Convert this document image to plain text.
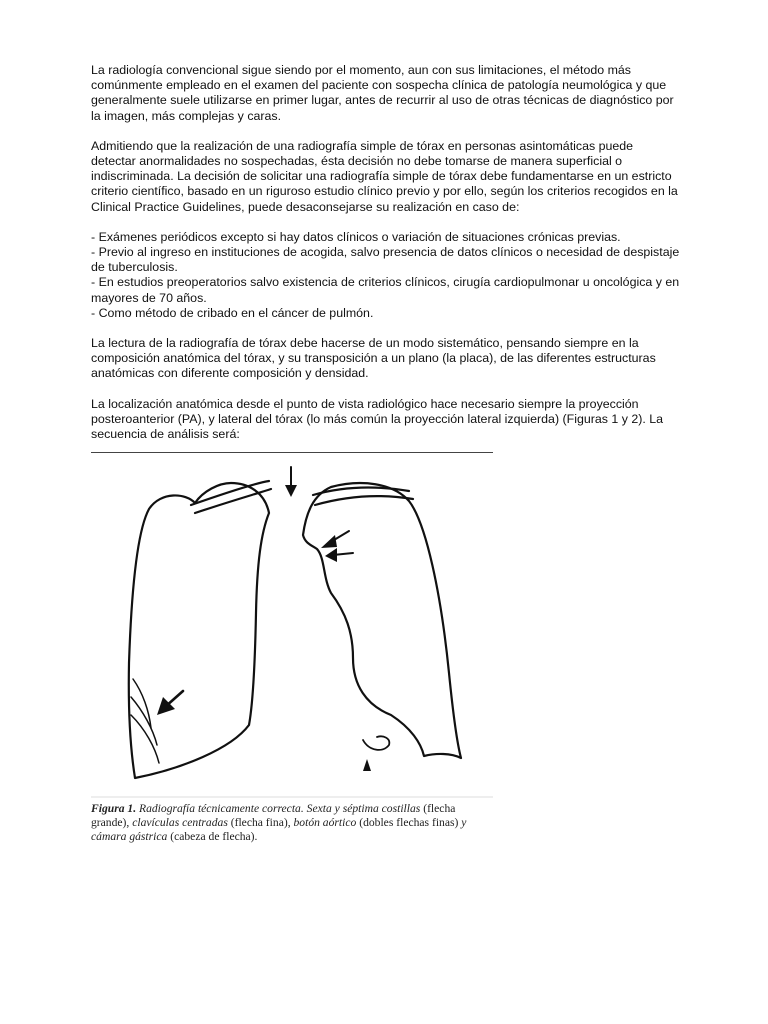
La radiología convencional sigue siendo por el momento, aun con sus limitaciones, el método más comúnmente empleado en el examen del paciente con sospecha clínica de patología neumológica y que generalmente suele utilizarse en primer lugar, antes de recurrir al uso de otras técnicas de diagnóstico por la imagen, más complejas y caras.

Admitiendo que la realización de una radiografía simple de tórax en personas asintomáticas puede detectar anormalidades no sospechadas, ésta decisión no debe tomarse de manera superficial o indiscriminada. La decisión de solicitar una radiografía simple de tórax debe fundamentarse en un estricto criterio científico, basado en un riguroso estudio clínico previo y por ello, según los criterios recogidos en la Clinical Practice Guidelines, puede desaconsejarse su realización en caso de:

- Exámenes periódicos excepto si hay datos clínicos o variación de situaciones crónicas previas.
- Previo al ingreso en instituciones de acogida, salvo presencia de datos clínicos o necesidad de despistaje de tuberculosis.
- En estudios preoperatorios salvo existencia de criterios clínicos, cirugía cardiopulmonar u oncológica y en mayores de 70 años.
- Como método de cribado en el cáncer de pulmón.

La lectura de la radiografía de tórax debe hacerse de un modo sistemático, pensando siempre en la composición anatómica del tórax, y su transposición a un plano (la placa), de las diferentes estructuras anatómicas con diferente composición y densidad.

La localización anatómica desde el punto de vista radiológico hace necesario siempre la proyección posteroanterior (PA), y lateral del tórax (lo más común la proyección lateral izquierda) (Figuras 1 y 2). La secuencia de análisis será:

Figura 1. Radiografía técnicamente correcta. Sexta y séptima costillas (flecha grande), clavículas centradas (flecha fina), botón aórtico (dobles flechas finas) y cámara gástrica (cabeza de flecha).
